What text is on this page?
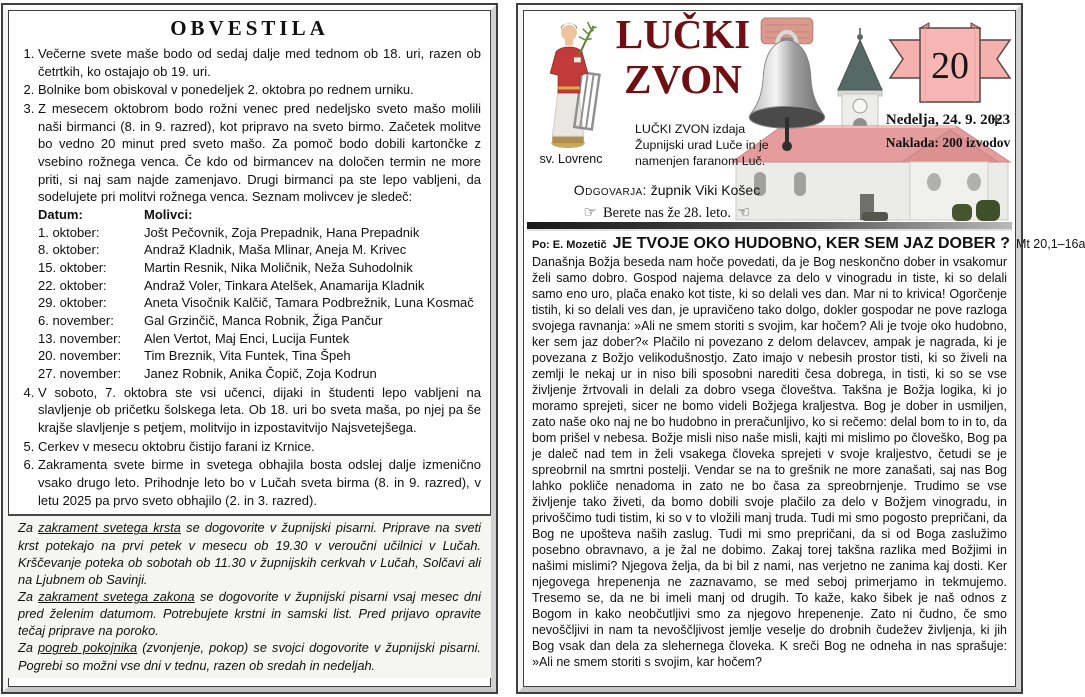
OBVESTILA
1. Večerne svete maše bodo od sedaj dalje med tednom ob 18. uri, razen ob četrtkih, ko ostajajo ob 19. uri.
2. Bolnike bom obiskoval v ponedeljek 2. oktobra po rednem urniku.
3. Z mesecem oktobrom bodo rožni venec pred nedeljsko sveto mašo molili naši birmanci (8. in 9. razred), kot pripravo na sveto birmo. Začetek molitve bo vedno 20 minut pred sveto mašo. Za pomoč bodo dobili kartončke z vsebino rožnega venca. Če kdo od birmancev na določen termin ne more priti, si naj sam najde zamenjavo. Drugi birmanci pa ste lepo vabljeni, da sodelujete pri molitvi rožnega venca. Seznam molivcev je sledeč:
Datum:	Molivci:
1. oktober:	Jošt Pečovnik, Zoja Prepadnik, Hana Prepadnik
8. oktober:	Andraž Kladnik, Maša Mlinar, Aneja M. Krivec
15. oktober:	Martin Resnik, Nika Moličnik, Neža Suhodolnik
22. oktober:	Andraž Voler, Tinkara Atelšek, Anamarija Kladnik
29. oktober:	Aneta Visočnik Kalčič, Tamara Podbrežnik, Luna Kosmač
6. november:	Gal Grzinčič, Manca Robnik, Žiga Pančur
13. november:	Alen Vertot, Maj Enci, Lucija Funtek
20. november:	Tim Breznik, Vita Funtek, Tina Špeh
27. november:	Janez Robnik, Anika Čopič, Zoja Kodrun
4. V soboto, 7. oktobra ste vsi učenci, dijaki in študenti lepo vabljeni na slavljenje ob pričetku šolskega leta. Ob 18. uri bo sveta maša, po njej pa še krajše slavljenje s petjem, molitvijo in izpostavitvijo Najsvetejšega.
5. Cerkev v mesecu oktobru čistijo farani iz Krnice.
6. Zakramenta svete birme in svetega obhajila bosta odslej dalje izmenično vsako drugo leto. Prihodnje leto bo v Lučah sveta birma (8. in 9. razred), v letu 2025 pa prvo sveto obhajilo (2. in 3. razred).

Za zakrament svetega krsta se dogovorite v župnijski pisarni. Priprave na sveti krst potekajo na prvi petek v mesecu ob 19.30 v veroučni učilnici v Lučah. Krščevanje poteka ob sobotah ob 11.30 v župnijskih cerkvah v Lučah, Solčavi ali na Ljubnem ob Savinji.

Za zakrament svetega zakona se dogovorite v župnijski pisarni vsaj mesec dni pred želenim datumom. Potrebujete krstni in samski list. Pred prijavo opravite tečaj priprave na poroko.

Za pogreb pokojnika (zvonjenje, pokop) se svojci dogovorite v župnijski pisarni. Pogrebi so možni vse dni v tednu, razen ob sredah in nedeljah.

sv. Lovrenc
LUČKI
ZVON	20
Nedelja, 24. 9. 2023
Naklada: 200 izvodov
LUČKI ZVON izdaja Župnijski urad Luče in je namenjen faranom Luč.
Odgovarja: župnik Viki Košec
☞ Berete nas že 28. leto. ☜
Po: E. Mozetič JE TVOJE OKO HUDOBNO, KER SEM JAZ DOBER ? Mt 20,1–16a
Današnja Božja beseda nam hoče povedati, da je Bog neskončno dober in vsakomur želi samo dobro. Gospod najema delavce za delo v vinogradu in tiste, ki so delali samo eno uro, plača enako kot tiste, ki so delali ves dan. Mar ni to krivica! Ogorčenje tistih, ki so delali ves dan, je upravičeno tako dolgo, dokler gospodar ne pove razloga svojega ravnanja: »Ali ne smem storiti s svojim, kar hočem? Ali je tvoje oko hudobno, ker sem jaz dober?« Plačilo ni povezano z delom delavcev, ampak je nagrada, ki je povezana z Božjo velikodušnostjo. Zato imajo v nebesih prostor tisti, ki so živeli na zemlji le nekaj ur in niso bili sposobni narediti česa dobrega, in tisti, ki so se vse življenje žrtvovali in delali za dobro vsega človeštva. Takšna je Božja logika, ki jo moramo sprejeti, sicer ne bomo videli Božjega kraljestva. Bog je dober in usmiljen, zato naše oko naj ne bo hudobno in preračunljivo, ko si rečemo: delal bom to in to, da bom prišel v nebesa. Božje misli niso naše misli, kajti mi mislimo po človeško, Bog pa je daleč nad tem in želi vsakega človeka sprejeti v svoje kraljestvo, četudi se je spreobrnil na smrtni postelji. Vendar se na to grešnik ne more zanašati, saj nas Bog lahko pokliče nenadoma in zato ne bo časa za spreobrnjenje. Trudimo se vse življenje tako živeti, da bomo dobili svoje plačilo za delo v Božjem vinogradu, in privoščimo tudi tistim, ki so v to vložili manj truda. Tudi mi smo pogosto prepričani, da Bog ne upošteva naših zaslug. Tudi mi smo prepričani, da si od Boga zaslužimo posebno obravnavo, a je žal ne dobimo. Zakaj torej takšna razlika med Božjimi in našimi mislimi? Njegova želja, da bi bil z nami, nas verjetno ne zanima kaj dosti. Ker njegovega hrepenenja ne zaznavamo, se med seboj primerjamo in tekmujemo. Tresemo se, da ne bi imeli manj od drugih. To kaže, kako šibek je naš odnos z Bogom in kako neobčutljivi smo za njegovo hrepenenje. Zato ni čudno, če smo nevoščljivi in nam ta nevoščljivost jemlje veselje do drobnih čudežev življenja, ki jih Bog vsak dan dela za slehernega človeka. K sreči Bog ne odneha in nas sprašuje: »Ali ne smem storiti s svojim, kar hočem?
